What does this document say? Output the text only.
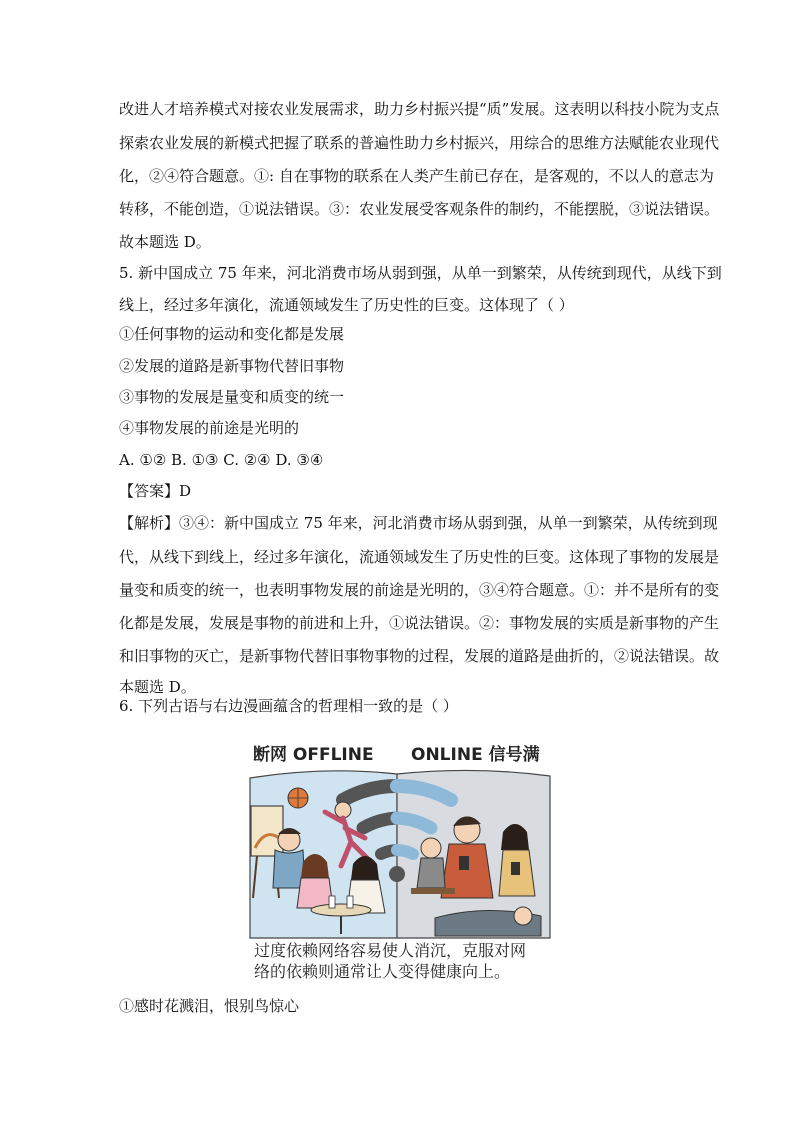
改进人才培养模式对接农业发展需求，助力乡村振兴提“质”发展。这表明以科技小院为支点
探索农业发展的新模式把握了联系的普遍性助力乡村振兴，用综合的思维方法赋能农业现代
化，②④符合题意。①: 自在事物的联系在人类产生前已存在，是客观的，不以人的意志为
转移，不能创造，①说法错误。③：农业发展受客观条件的制约，不能摆脱，③说法错误。
故本题选 D。
5. 新中国成立 75 年来，河北消费市场从弱到强，从单一到繁荣，从传统到现代，从线下到
线上，经过多年演化，流通领域发生了历史性的巨变。这体现了（ ）
①任何事物的运动和变化都是发展
②发展的道路是新事物代替旧事物
③事物的发展是量变和质变的统一
④事物发展的前途是光明的
A. ①② B. ①③ C. ②④ D. ③④
【答案】D
【解析】③④：新中国成立 75 年来，河北消费市场从弱到强，从单一到繁荣，从传统到现
代，从线下到线上，经过多年演化，流通领域发生了历史性的巨变。这体现了事物的发展是
量变和质变的统一，也表明事物发展的前途是光明的，③④符合题意。①：并不是所有的变
化都是发展，发展是事物的前进和上升，①说法错误。②：事物发展的实质是新事物的产生
和旧事物的灭亡，是新事物代替旧事物事物的过程，发展的道路是曲折的，②说法错误。故
本题选 D。
6. 下列古语与右边漫画蕴含的哲理相一致的是（ ）
断网 OFFLINE ONLINE 信号满
过度依赖网络容易使人消沉，克服对网
络的依赖则通常让人变得健康向上。
①感时花溅泪，恨别鸟惊心
